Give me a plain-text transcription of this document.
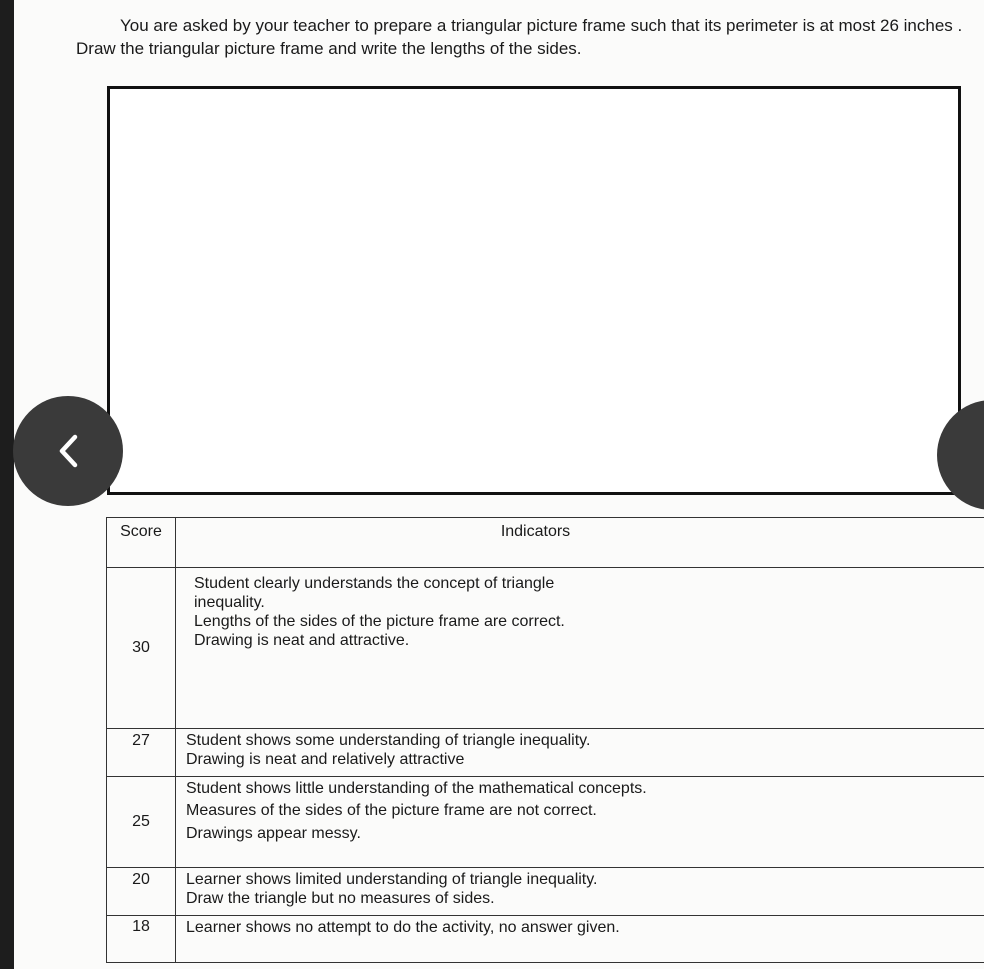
You are asked by your teacher to prepare a triangular picture frame such that its perimeter is at most 26 inches . Draw the triangular picture frame and write the lengths of the sides.

Score	Indicators
30	Student clearly understands the concept of triangle
inequality.
Lengths of the sides of the picture frame are correct.
Drawing is neat and attractive.

27	Student shows some understanding of triangle inequality.
Drawing is neat and relatively attractive

25	Student shows little understanding of the mathematical concepts.
Measures of the sides of the picture frame are not correct.
Drawings appear messy.

20	Learner shows limited understanding of triangle inequality.
Draw the triangle but no measures of sides.

18	Learner shows no attempt to do the activity, no answer given.
